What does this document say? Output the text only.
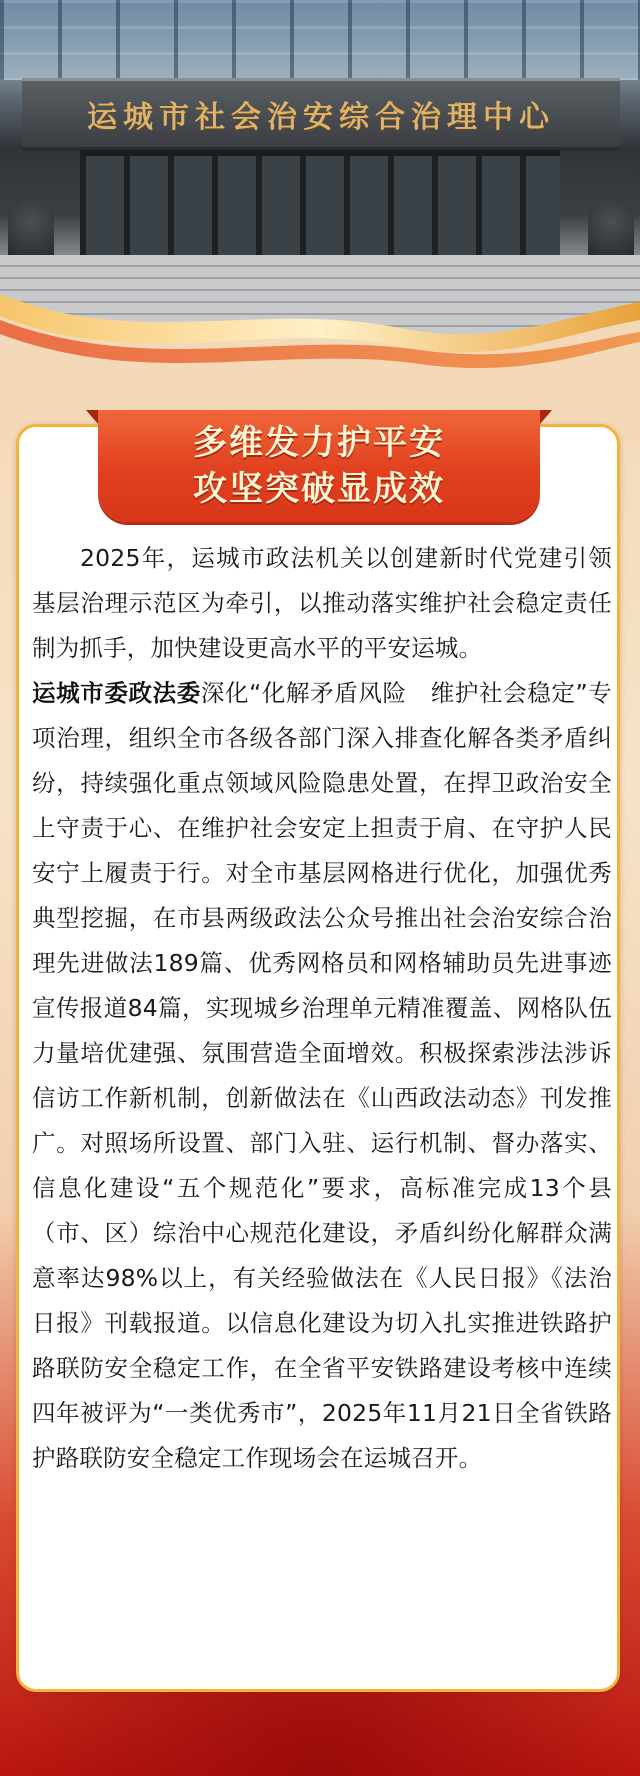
运城市社会治安综合治理中心
多维发力护平安
攻坚突破显成效

2025年，运城市政法机关以创建新时代党建引领基层治理示范区为牵引，以推动落实维护社会稳定责任制为抓手，加快建设更高水平的平安运城。

运城市委政法委深化“化解矛盾风险　维护社会稳定”专项治理，组织全市各级各部门深入排查化解各类矛盾纠纷，持续强化重点领域风险隐患处置，在捍卫政治安全上守责于心、在维护社会安定上担责于肩、在守护人民安宁上履责于行。对全市基层网格进行优化，加强优秀典型挖掘，在市县两级政法公众号推出社会治安综合治理先进做法189篇、优秀网格员和网格辅助员先进事迹宣传报道84篇，实现城乡治理单元精准覆盖、网格队伍力量培优建强、氛围营造全面增效。积极探索涉法涉诉信访工作新机制，创新做法在《山西政法动态》刊发推广。对照场所设置、部门入驻、运行机制、督办落实、信息化建设“五个规范化”要求，高标准完成13个县（市、区）综治中心规范化建设，矛盾纠纷化解群众满意率达98%以上，有关经验做法在《人民日报》《法治日报》刊载报道。以信息化建设为切入扎实推进铁路护路联防安全稳定工作，在全省平安铁路建设考核中连续四年被评为“一类优秀市”，2025年11月21日全省铁路护路联防安全稳定工作现场会在运城召开。
